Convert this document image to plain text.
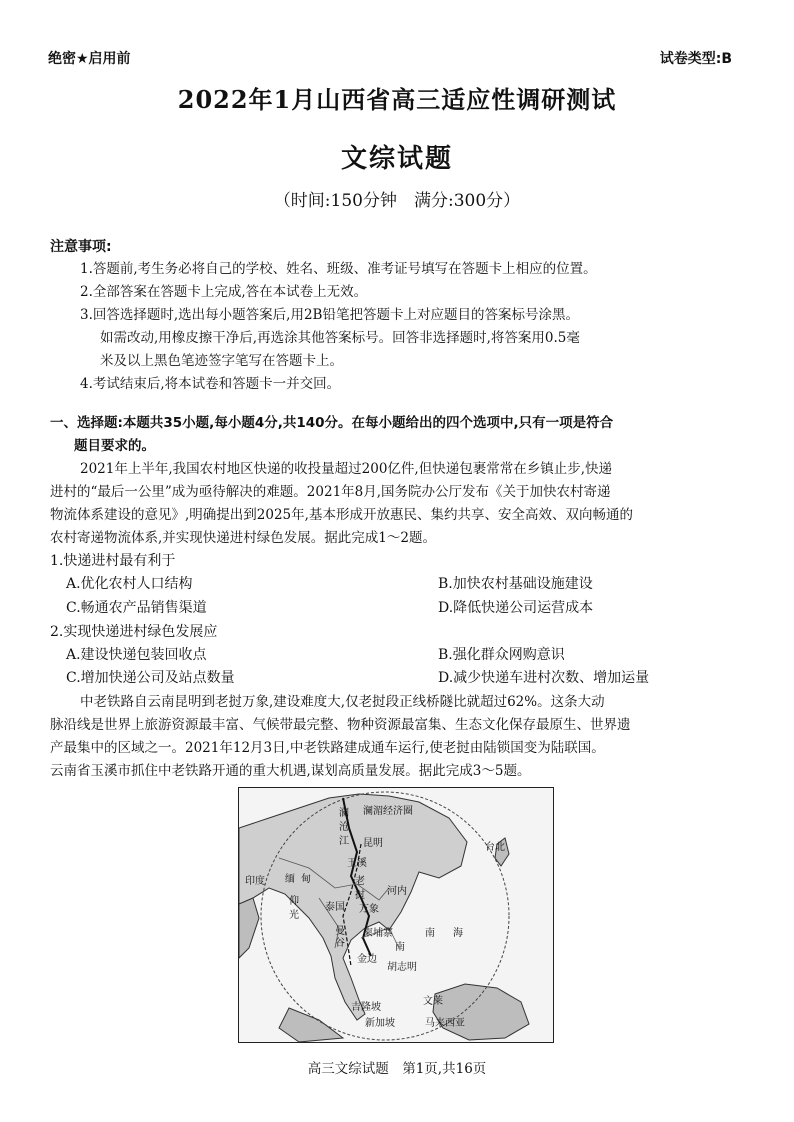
绝密★启用前	试卷类型:B
2022年1月山西省高三适应性调研测试
文综试题
（时间:150分钟　满分:300分）
注意事项:
1.答题前,考生务必将自己的学校、姓名、班级、准考证号填写在答题卡上相应的位置。
2.全部答案在答题卡上完成,答在本试卷上无效。
3.回答选择题时,选出每小题答案后,用2B铅笔把答题卡上对应题目的答案标号涂黑。
如需改动,用橡皮擦干净后,再选涂其他答案标号。回答非选择题时,将答案用0.5毫
米及以上黑色笔迹签字笔写在答题卡上。
4.考试结束后,将本试卷和答题卡一并交回。
一、选择题:本题共35小题,每小题4分,共140分。在每小题给出的四个选项中,只有一项是符合
题目要求的。
2021年上半年,我国农村地区快递的收投量超过200亿件,但快递包裹常常在乡镇止步,快递
进村的“最后一公里”成为亟待解决的难题。2021年8月,国务院办公厅发布《关于加快农村寄递
物流体系建设的意见》,明确提出到2025年,基本形成开放惠民、集约共享、安全高效、双向畅通的
农村寄递物流体系,并实现快递进村绿色发展。据此完成1～2题。
1.快递进村最有利于
A.优化农村人口结构	B.加快农村基础设施建设
C.畅通农产品销售渠道	D.降低快递公司运营成本
2.实现快递进村绿色发展应
A.建设快递包装回收点	B.强化群众网购意识
C.增加快递公司及站点数量	D.减少快递车进村次数、增加运量
中老铁路自云南昆明到老挝万象,建设难度大,仅老挝段正线桥隧比就超过62%。这条大动
脉沿线是世界上旅游资源最丰富、气候带最完整、物种资源最富集、生态文化保存最原生、世界遗
产最集中的区域之一。2021年12月3日,中老铁路建成通车运行,使老挝由陆锁国变为陆联国。
云南省玉溪市抓住中老铁路开通的重大机遇,谋划高质量发展。据此完成3～5题。
澜湄经济圈
澜
沧
江 昆明
玉溪
台北
印度 缅 甸
仰
光
老
挝
万象
河内
泰国
曼
谷
柬埔寨
金边
南
胡志明
南 海
文莱
吉隆坡
新加坡	马来西亚
高三文综试题　第1页,共16页
